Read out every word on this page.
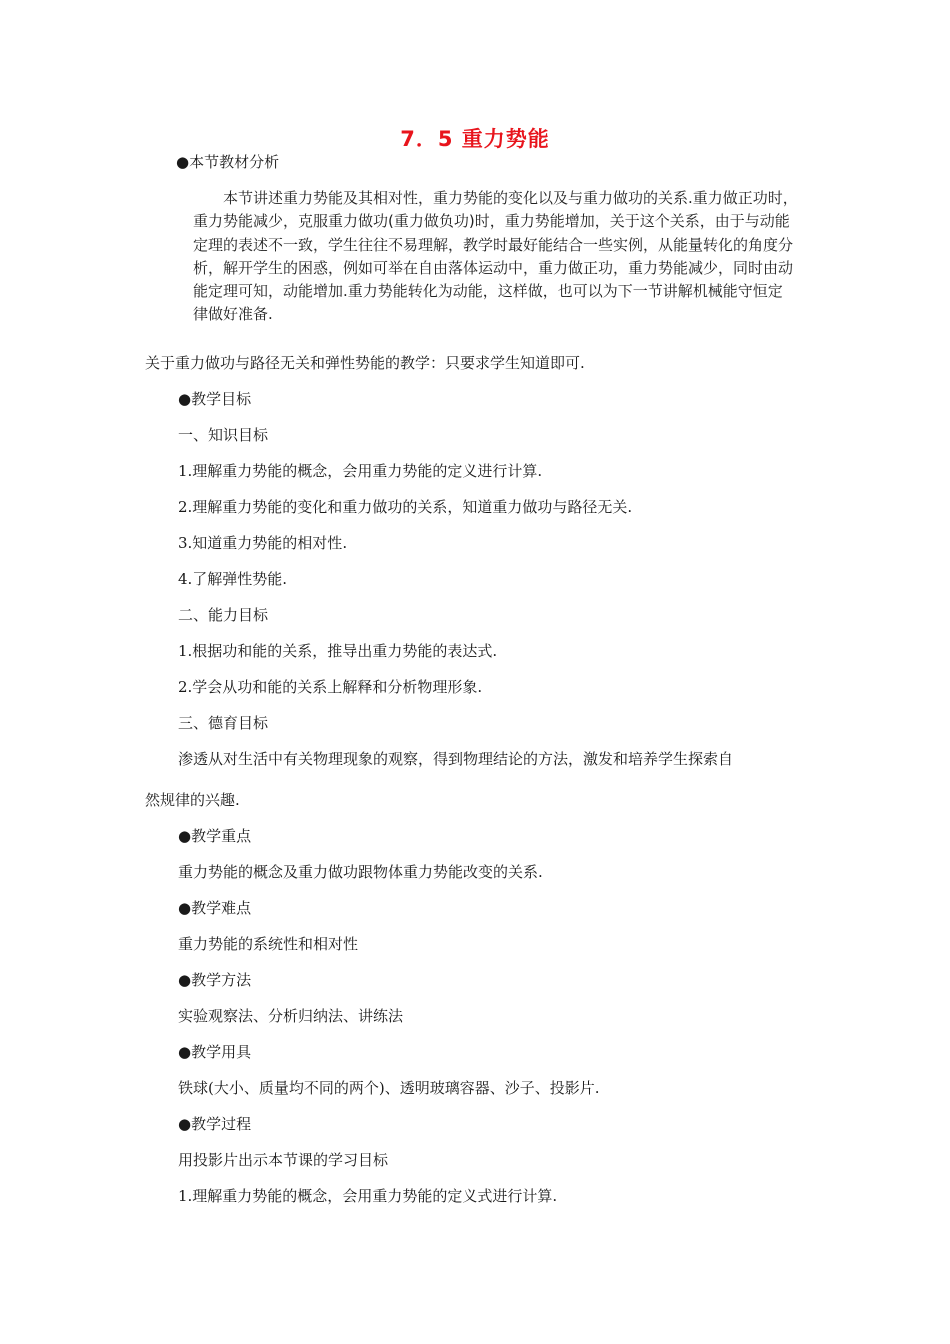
7．5 重力势能
●本节教材分析

本节讲述重力势能及其相对性，重力势能的变化以及与重力做功的关系.重力做正功时，

重力势能减少，克服重力做功(重力做负功)时，重力势能增加，关于这个关系，由于与动能

定理的表述不一致，学生往往不易理解，教学时最好能结合一些实例，从能量转化的角度分

析，解开学生的困惑，例如可举在自由落体运动中，重力做正功，重力势能减少，同时由动

能定理可知，动能增加.重力势能转化为动能，这样做，也可以为下一节讲解机械能守恒定

律做好准备.

关于重力做功与路径无关和弹性势能的教学：只要求学生知道即可.
●教学目标
一、知识目标
1.理解重力势能的概念，会用重力势能的定义进行计算.
2.理解重力势能的变化和重力做功的关系，知道重力做功与路径无关.
3.知道重力势能的相对性.
4.了解弹性势能.
二、能力目标
1.根据功和能的关系，推导出重力势能的表达式.
2.学会从功和能的关系上解释和分析物理形象.
三、德育目标
渗透从对生活中有关物理现象的观察，得到物理结论的方法，激发和培养学生探索自
然规律的兴趣.
●教学重点
重力势能的概念及重力做功跟物体重力势能改变的关系.
●教学难点
重力势能的系统性和相对性
●教学方法
实验观察法、分析归纳法、讲练法
●教学用具
铁球(大小、质量均不同的两个)、透明玻璃容器、沙子、投影片.
●教学过程
用投影片出示本节课的学习目标
1.理解重力势能的概念，会用重力势能的定义式进行计算.
